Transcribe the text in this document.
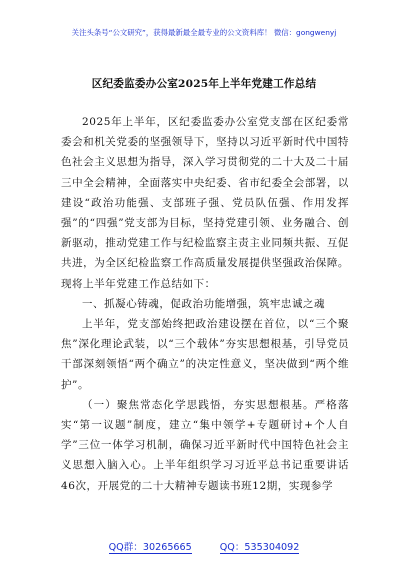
关注头条号“公文研究”，获得最新最全最专业的公文资料库！ 微信：gongwenyj
区纪委监委办公室2025年上半年党建工作总结

2025年上半年，区纪委监委办公室党支部在区纪委常委会和机关党委的坚强领导下，坚持以习近平新时代中国特色社会主义思想为指导，深入学习贯彻党的二十大及二十届三中全会精神，全面落实中央纪委、省市纪委全会部署，以建设“政治功能强、支部班子强、党员队伍强、作用发挥强”的“四强”党支部为目标，坚持党建引领、业务融合、创新驱动，推动党建工作与纪检监察主责主业同频共振、互促共进，为全区纪检监察工作高质量发展提供坚强政治保障。现将上半年党建工作总结如下：

一、抓凝心铸魂，促政治功能增强，筑牢忠诚之魂

上半年，党支部始终把政治建设摆在首位，以“三个聚焦”深化理论武装，以“三个载体”夯实思想根基，引导党员干部深刻领悟“两个确立”的决定性意义，坚决做到“两个维护”。

（一）聚焦常态化学思践悟，夯实思想根基。严格落实“第一议题”制度，建立“集中领学+专题研讨+个人自学”三位一体学习机制，确保习近平新时代中国特色社会主义思想入脑入心。上半年组织学习习近平总书记重要讲话46次，开展党的二十大精神专题读书班12期，实现参学

QQ群：30265665	QQ：535304092
